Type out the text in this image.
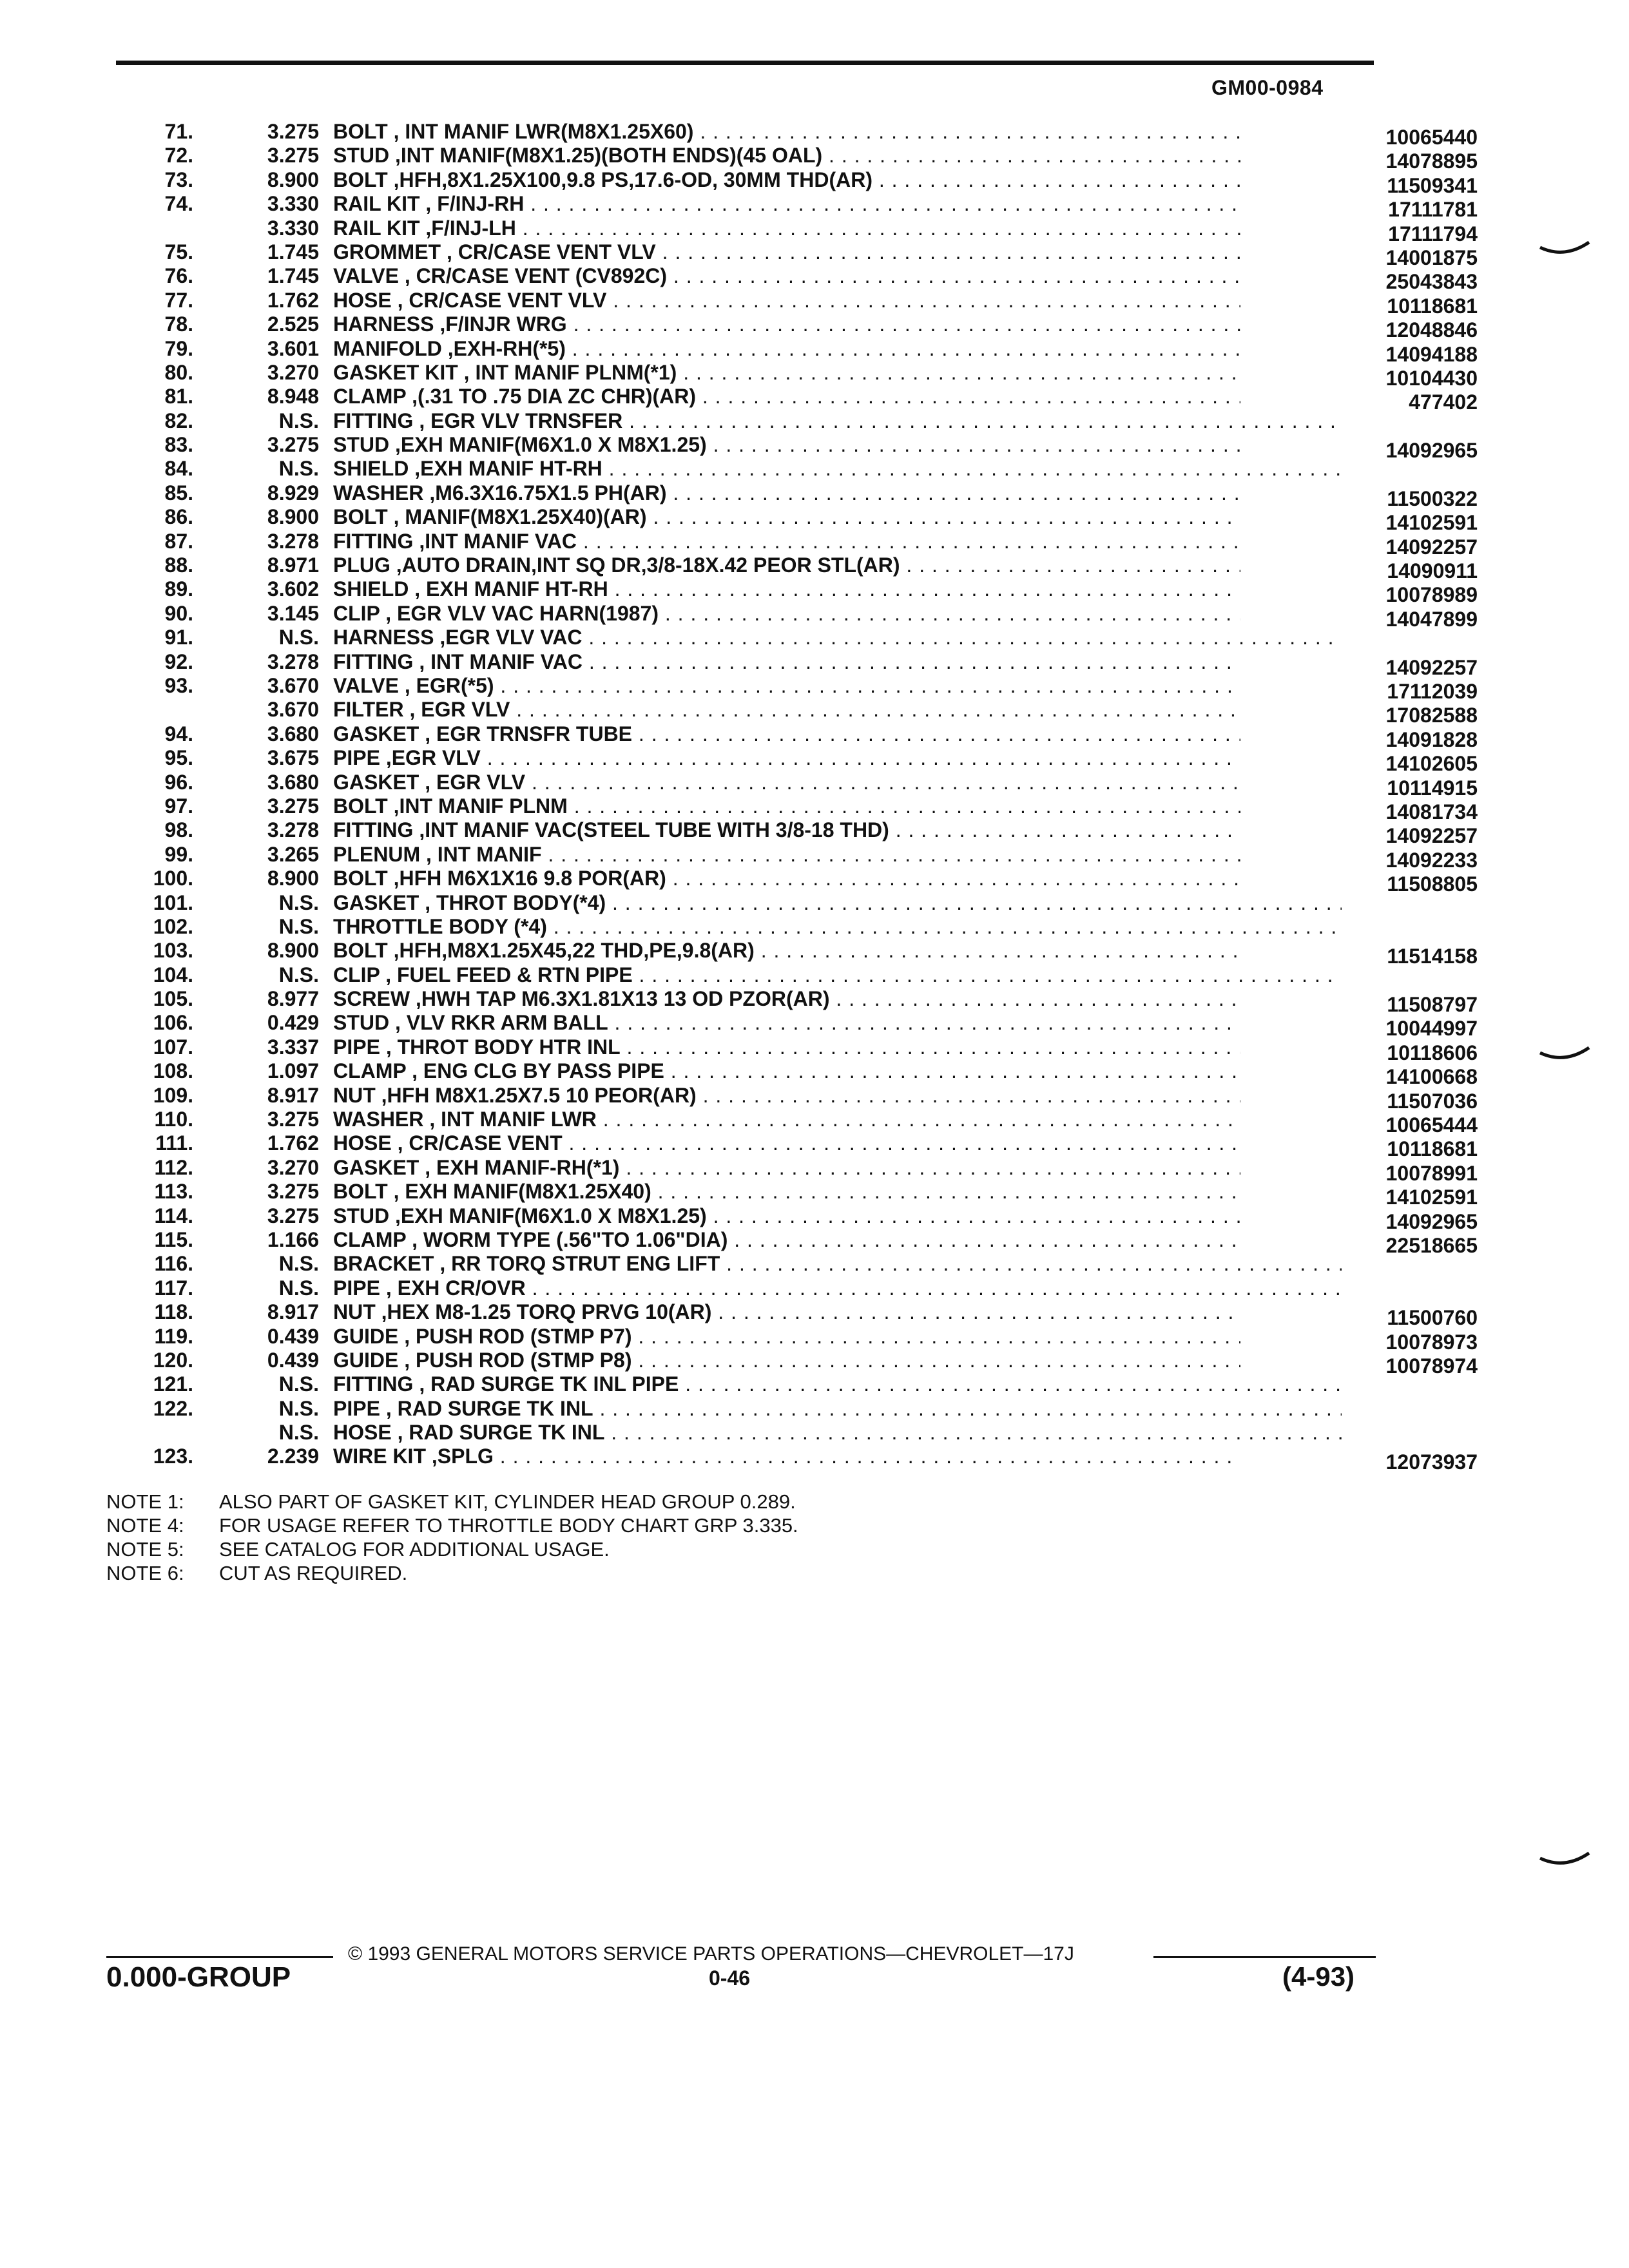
GM00-0984
71.	3.275 BOLT , INT MANIF LWR(M8X1.25X60) . . .	10065440
72.	3.275 STUD ,INT MANIF(M8X1.25)(BOTH ENDS)(45 OAL) . . .	14078895
73.	8.900 BOLT ,HFH,8X1.25X100,9.8 PS,17.6-OD, 30MM THD(AR) . . .	11509341
74.	3.330 RAIL KIT , F/INJ-RH . . .	17111781
3.330 RAIL KIT ,F/INJ-LH . . .	17111794
75.	1.745 GROMMET , CR/CASE VENT VLV . . .	14001875
76.	1.745 VALVE , CR/CASE VENT (CV892C) . . .	25043843
77.	1.762 HOSE , CR/CASE VENT VLV . . .	10118681
78.	2.525 HARNESS ,F/INJR WRG . . .	12048846
79.	3.601 MANIFOLD ,EXH-RH(*5) . . .	14094188
80.	3.270 GASKET KIT , INT MANIF PLNM(*1) . . .	10104430
81.	8.948 CLAMP ,(.31 TO .75 DIA ZC CHR)(AR) . . .	477402
82.	N.S. FITTING , EGR VLV TRNSFER . . .
83.	3.275 STUD ,EXH MANIF(M6X1.0 X M8X1.25) . . .	14092965
84.	N.S. SHIELD ,EXH MANIF HT-RH . . .
85.	8.929 WASHER ,M6.3X16.75X1.5 PH(AR) . . .	11500322
86.	8.900 BOLT , MANIF(M8X1.25X40)(AR) . . .	14102591
87.	3.278 FITTING ,INT MANIF VAC . . .	14092257
88.	8.971 PLUG ,AUTO DRAIN,INT SQ DR,3/8-18X.42 PEOR STL(AR) . . .	14090911
89.	3.602 SHIELD , EXH MANIF HT-RH . . .	10078989
90.	3.145 CLIP , EGR VLV VAC HARN(1987) . . .	14047899
91.	N.S. HARNESS ,EGR VLV VAC . . .
92.	3.278 FITTING , INT MANIF VAC . . .	14092257
93.	3.670 VALVE , EGR(*5) . . .	17112039
3.670 FILTER , EGR VLV . . .	17082588
94.	3.680 GASKET , EGR TRNSFR TUBE . . .	14091828
95.	3.675 PIPE ,EGR VLV . . .	14102605
96.	3.680 GASKET , EGR VLV . . .	10114915
97.	3.275 BOLT ,INT MANIF PLNM . . .	14081734
98.	3.278 FITTING ,INT MANIF VAC(STEEL TUBE WITH 3/8-18 THD) . . .	14092257
99.	3.265 PLENUM , INT MANIF . . .	14092233
100.	8.900 BOLT ,HFH M6X1X16 9.8 POR(AR) . . .	11508805
101.	N.S. GASKET , THROT BODY(*4) . . .
102.	N.S. THROTTLE BODY (*4) . . .
103.	8.900 BOLT ,HFH,M8X1.25X45,22 THD,PE,9.8(AR) . . .	11514158
104.	N.S. CLIP , FUEL FEED & RTN PIPE . . .
105.	8.977 SCREW ,HWH TAP M6.3X1.81X13 13 OD PZOR(AR) . . .	11508797
106.	0.429 STUD , VLV RKR ARM BALL . . .	10044997
107.	3.337 PIPE , THROT BODY HTR INL . . .	10118606
108.	1.097 CLAMP , ENG CLG BY PASS PIPE . . .	14100668
109.	8.917 NUT ,HFH M8X1.25X7.5 10 PEOR(AR) . . .	11507036
110.	3.275 WASHER , INT MANIF LWR . . .	10065444
111.	1.762 HOSE , CR/CASE VENT . . .	10118681
112.	3.270 GASKET , EXH MANIF-RH(*1) . . .	10078991
113.	3.275 BOLT , EXH MANIF(M8X1.25X40) . . .	14102591
114.	3.275 STUD ,EXH MANIF(M6X1.0 X M8X1.25) . . .	14092965
115.	1.166 CLAMP , WORM TYPE (.56"TO 1.06"DIA) . . .	22518665
116.	N.S. BRACKET , RR TORQ STRUT ENG LIFT . . .
117.	N.S. PIPE , EXH CR/OVR . . .
118.	8.917 NUT ,HEX M8-1.25 TORQ PRVG 10(AR) . . .	11500760
119.	0.439 GUIDE , PUSH ROD (STMP P7) . . .	10078973
120.	0.439 GUIDE , PUSH ROD (STMP P8) . . .	10078974
121.	N.S. FITTING , RAD SURGE TK INL PIPE . . .
122.	N.S. PIPE , RAD SURGE TK INL . . .
N.S. HOSE , RAD SURGE TK INL . . .
123.	2.239 WIRE KIT ,SPLG . . .	12073937
NOTE 1: ALSO PART OF GASKET KIT, CYLINDER HEAD GROUP 0.289.
NOTE 4: FOR USAGE REFER TO THROTTLE BODY CHART GRP 3.335.
NOTE 5: SEE CATALOG FOR ADDITIONAL USAGE.
NOTE 6: CUT AS REQUIRED.
© 1993 GENERAL MOTORS SERVICE PARTS OPERATIONS—CHEVROLET—17J
0.000-GROUP	0-46	(4-93)
